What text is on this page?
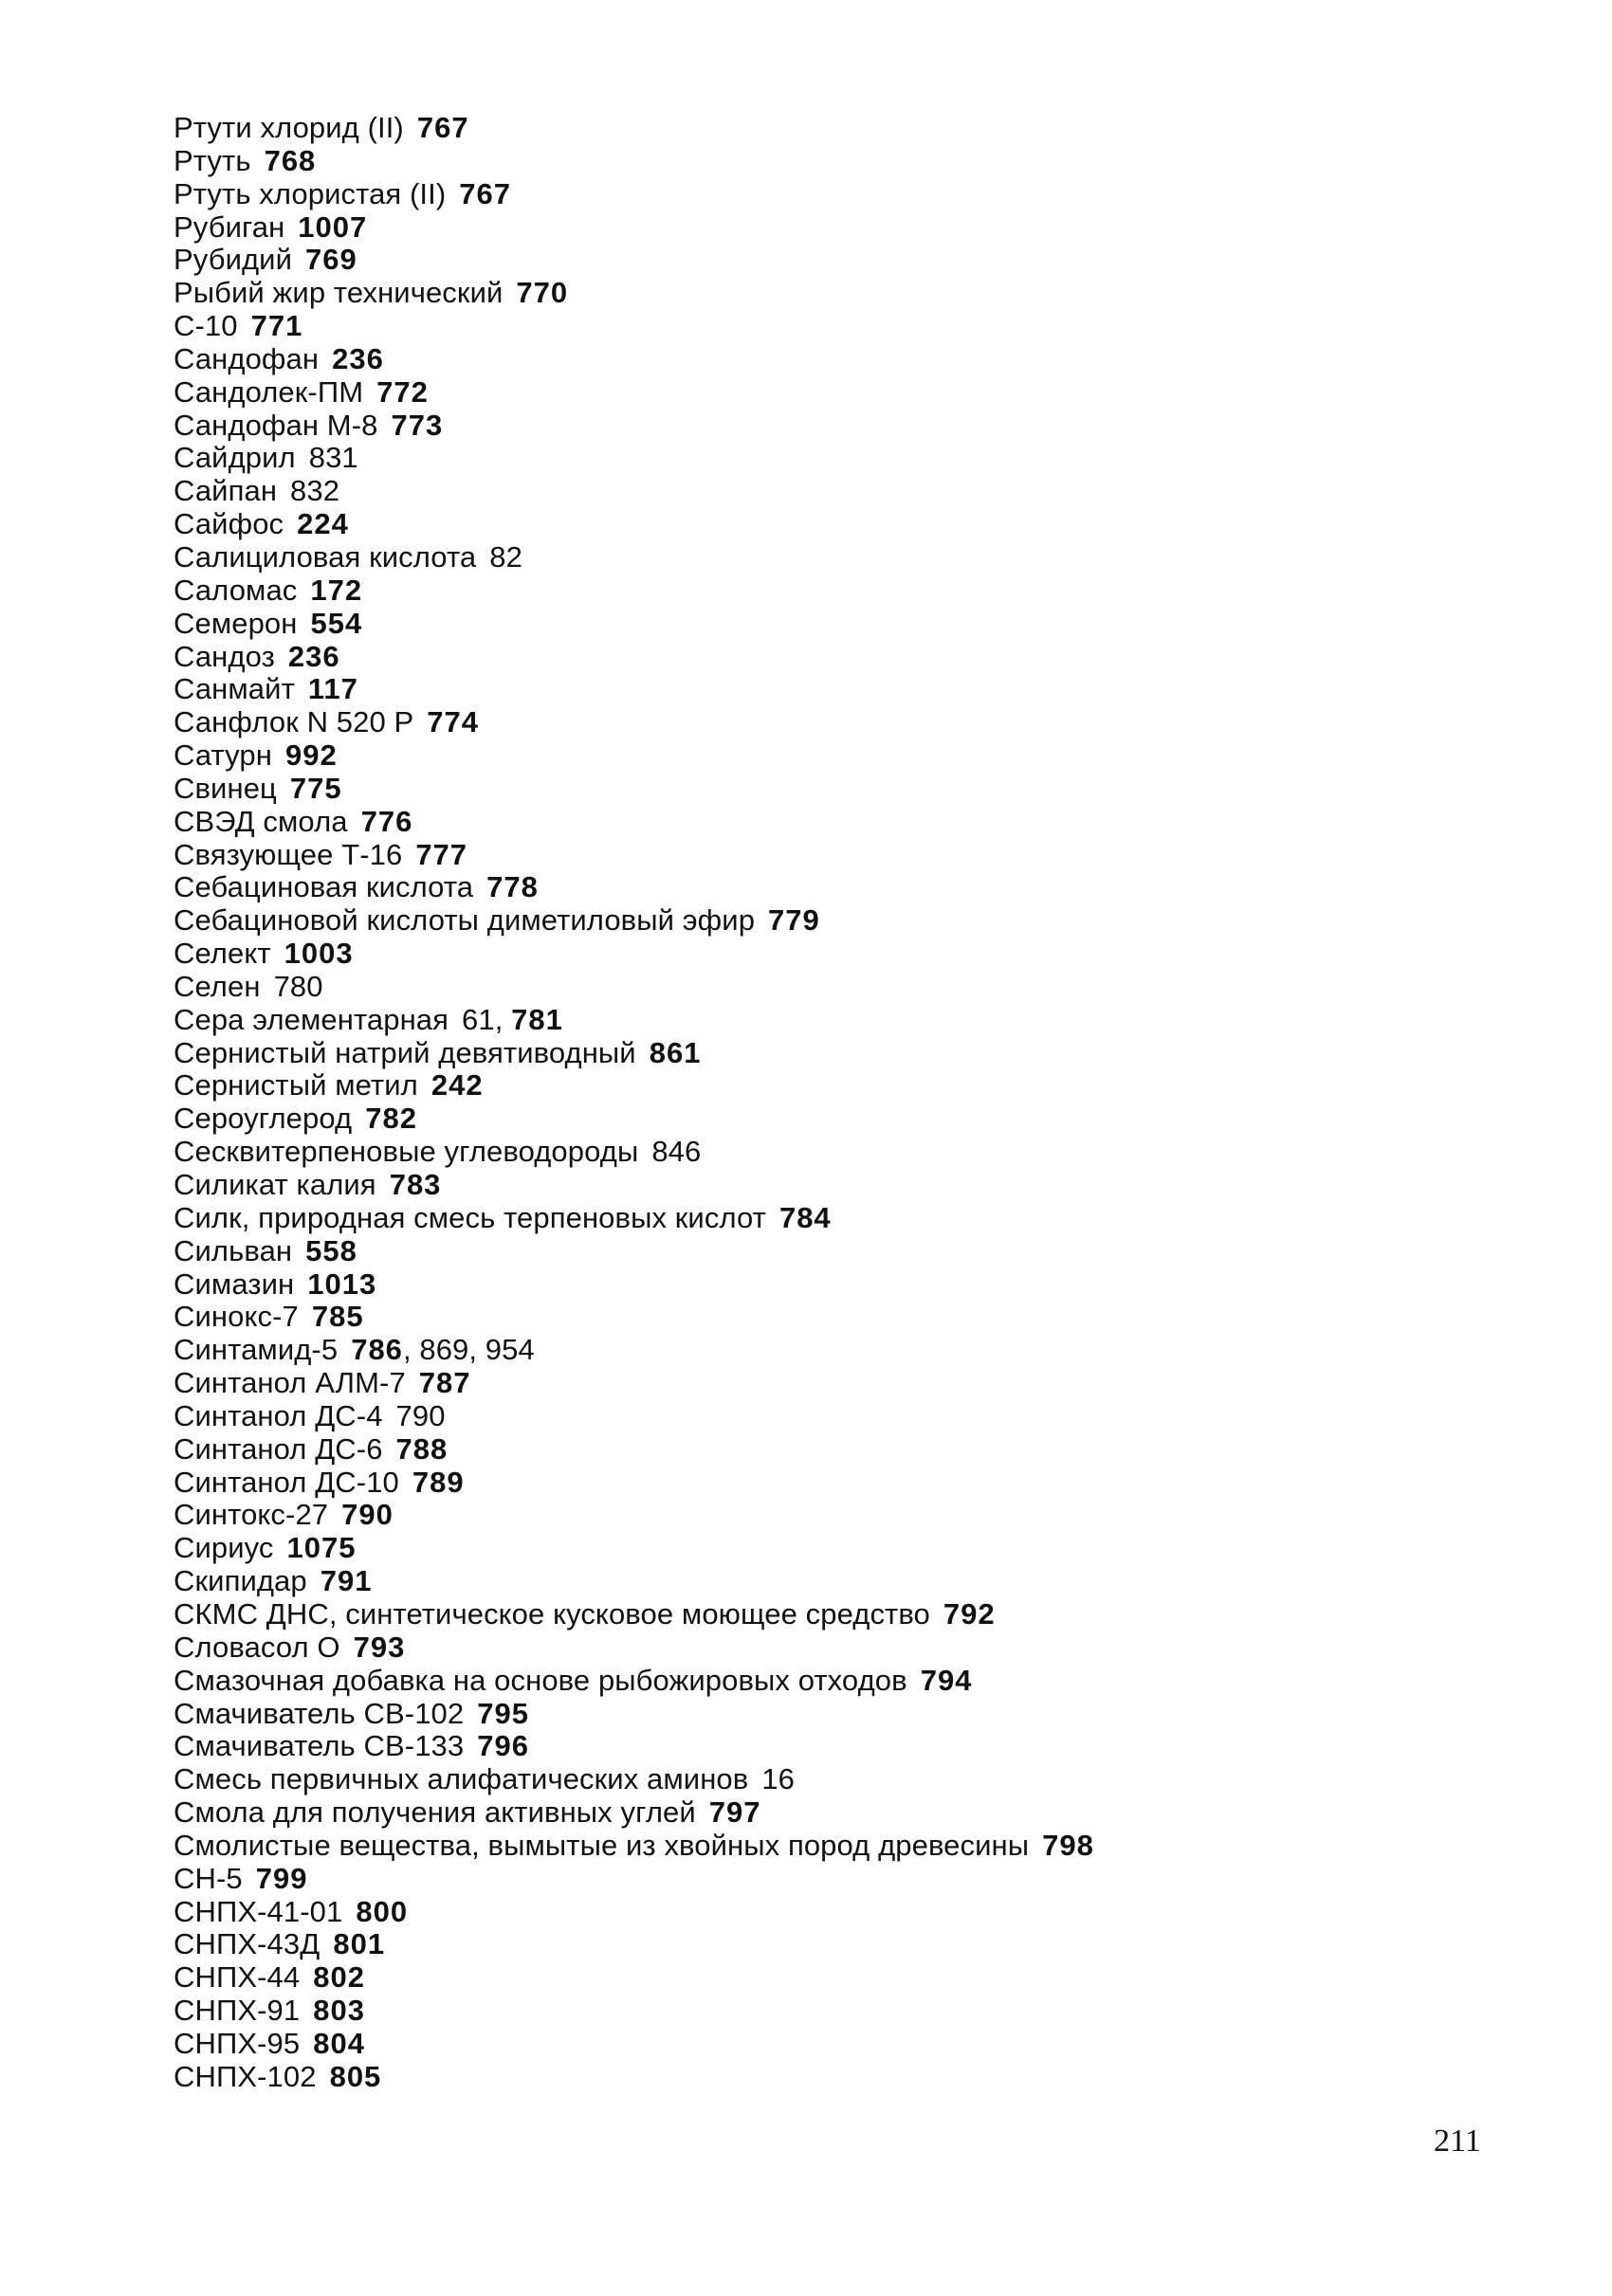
Ртути хлорид (II) 767
Ртуть 768
Ртуть хлористая (II) 767
Рубиган 1007
Рубидий 769
Рыбий жир технический 770
С-10 771
Сандофан 236
Сандолек-ПМ 772
Сандофан М-8 773
Сайдрил 831
Сайпан 832
Сайфос 224
Салициловая кислота 82
Саломас 172
Семерон 554
Сандоз 236
Санмайт 117
Санфлок N 520 Р 774
Сатурн 992
Свинец 775
СВЭД смола 776
Связующее Т-16 777
Себациновая кислота 778
Себациновой кислоты диметиловый эфир 779
Селект 1003
Селен 780
Сера элементарная 61, 781
Сернистый натрий девятиводный 861
Сернистый метил 242
Сероуглерод 782
Сесквитерпеновые углеводороды 846
Силикат калия 783
Силк, природная смесь терпеновых кислот 784
Сильван 558
Симазин 1013
Синокс-7 785
Синтамид-5 786, 869, 954
Синтанол АЛМ-7 787
Синтанол ДС-4 790
Синтанол ДС-6 788
Синтанол ДС-10 789
Синтокс-27 790
Сириус 1075
Скипидар 791
СКМС ДНС, синтетическое кусковое моющее средство 792
Словасол О 793
Смазочная добавка на основе рыбожировых отходов 794
Смачиватель СВ-102 795
Смачиватель СВ-133 796
Смесь первичных алифатических аминов 16
Смола для получения активных углей 797
Смолистые вещества, вымытые из хвойных пород древесины 798
СН-5 799
СНПХ-41-01 800
СНПХ-43Д 801
СНПХ-44 802
СНПХ-91 803
СНПХ-95 804
СНПХ-102 805
211
